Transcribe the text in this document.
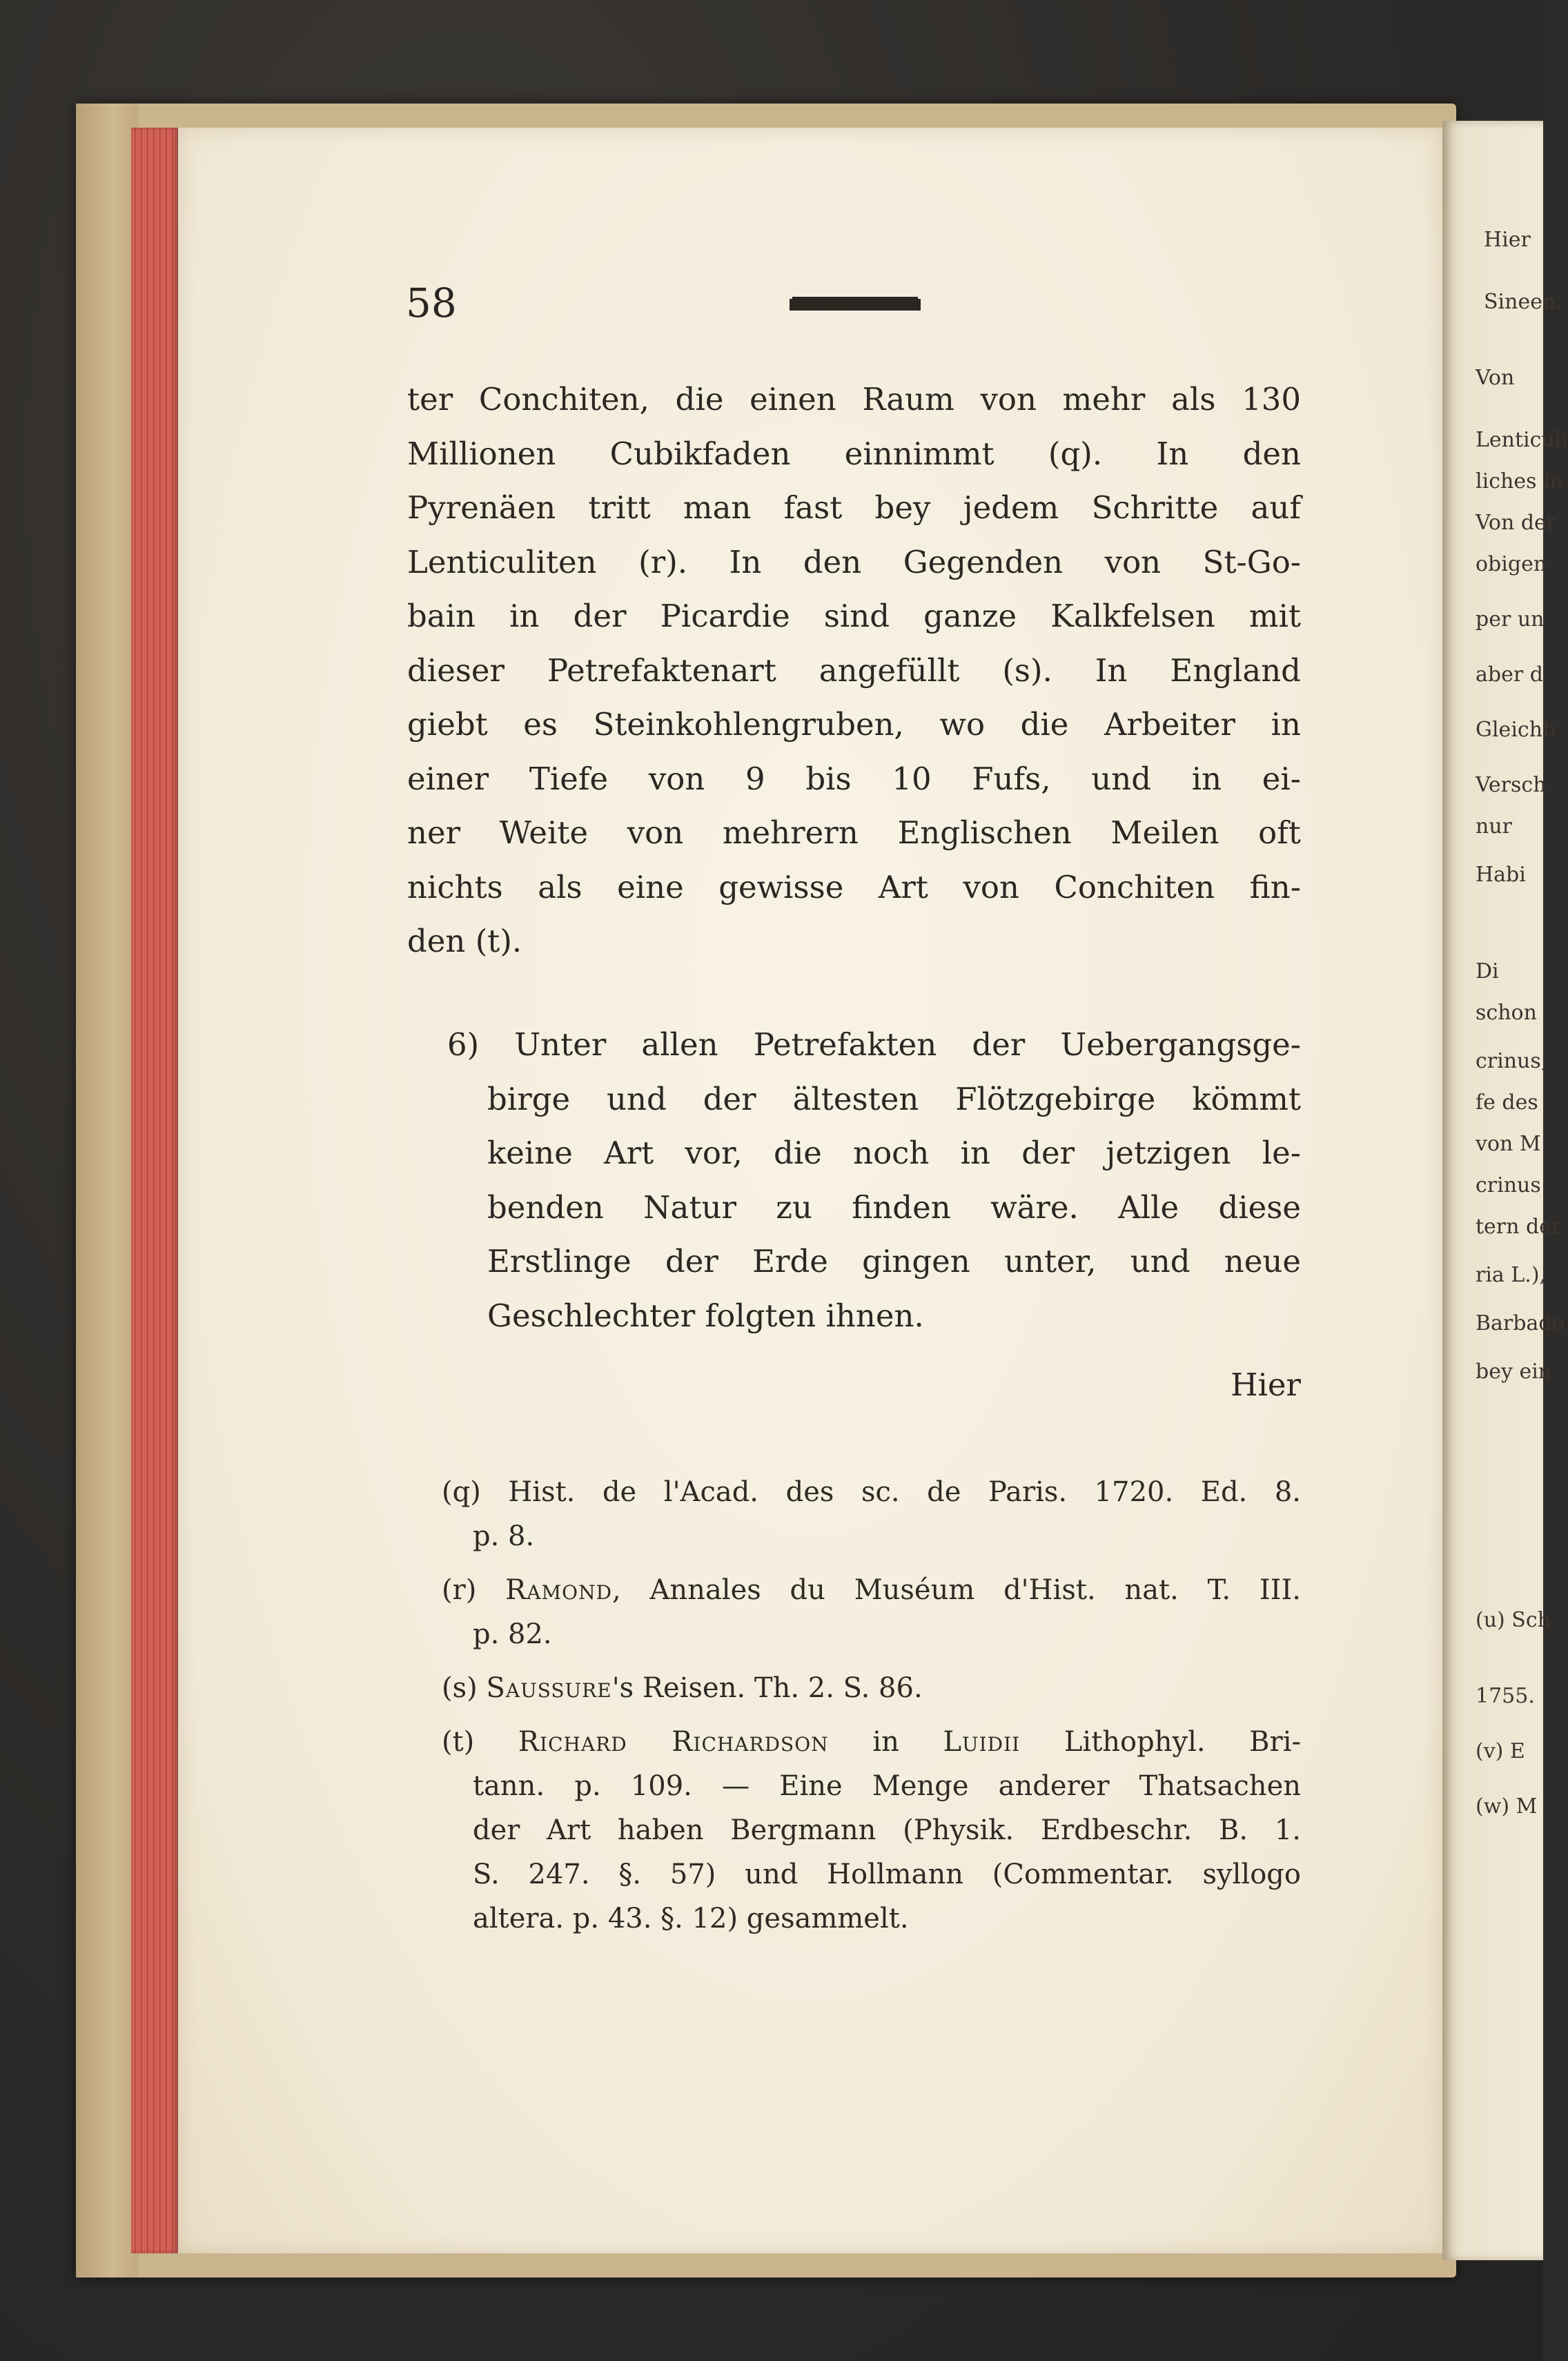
Hier
Sineen.
Von
Lenticuli
liches in
Von der
obigen
per un
aber d
Gleichb
Versch
nur
Habi
Di
schon
crinus,
fe des
von M
crinus
tern der
ria L.),
Barbado
bey ein
(u) Sch
1755.
(v) E
(w) M
58
ter Conchiten, die einen Raum von mehr als 130
Millionen Cubikfaden einnimmt (q). In den
Pyrenäen tritt man fast bey jedem Schritte auf
Lenticuliten (r). In den Gegenden von St-Go-
bain in der Picardie sind ganze Kalkfelsen mit
dieser Petrefaktenart angefüllt (s). In England
giebt es Steinkohlengruben, wo die Arbeiter in
einer Tiefe von 9 bis 10 Fufs, und in ei-
ner Weite von mehrern Englischen Meilen oft
nichts als eine gewisse Art von Conchiten fin-
den (t).
6) Unter allen Petrefakten der Uebergangsge-
birge und der ältesten Flötzgebirge kömmt
keine Art vor, die noch in der jetzigen le-
benden Natur zu finden wäre. Alle diese
Erstlinge der Erde gingen unter, und neue
Geschlechter folgten ihnen.
Hier
(q) Hist. de l'Acad. des sc. de Paris. 1720. Ed. 8.
p. 8.
(r) Ramond, Annales du Muséum d'Hist. nat. T. III.
p. 82.
(s) Saussure's Reisen. Th. 2. S. 86.
(t) Richard Richardson in Luidii Lithophyl. Bri-
tann. p. 109. — Eine Menge anderer Thatsachen
der Art haben Bergmann (Physik. Erdbeschr. B. 1.
S. 247. §. 57) und Hollmann (Commentar. syllogo
altera. p. 43. §. 12) gesammelt.
